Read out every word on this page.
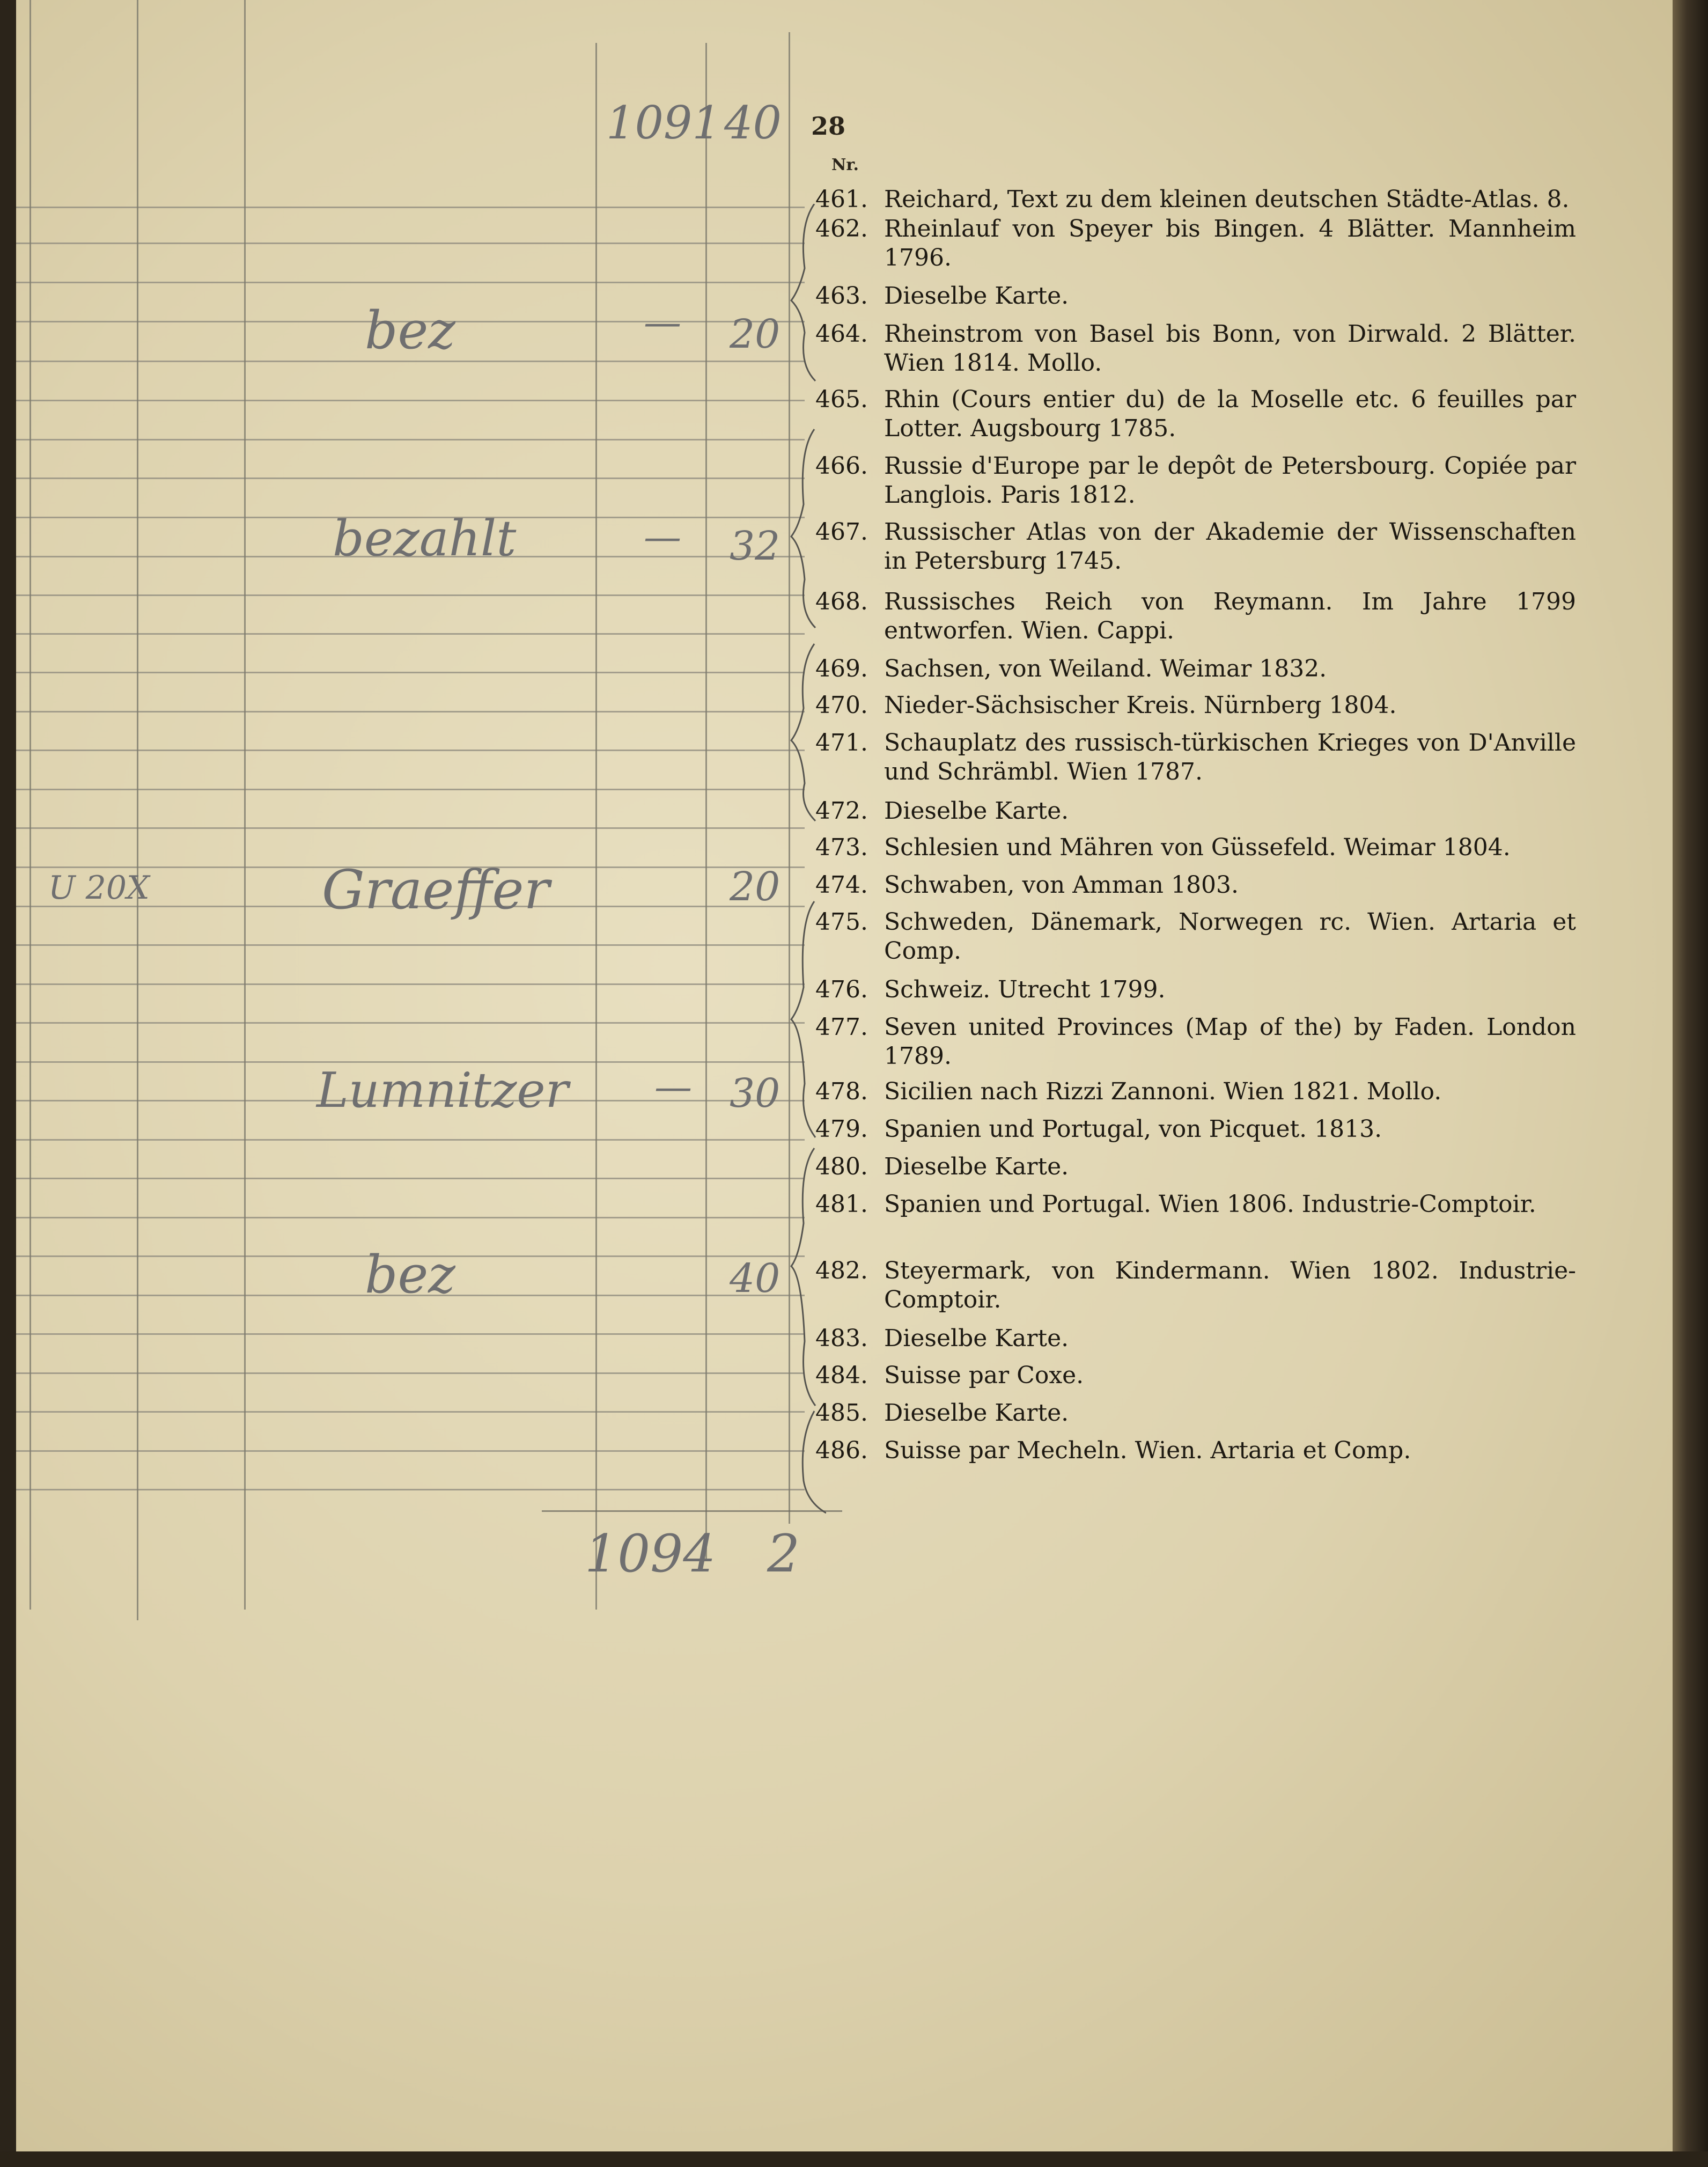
28
Nr.
461. Reichard, Text zu dem kleinen deutschen Städte-Atlas. 8.
462. Rheinlauf von Speyer bis Bingen. 4 Blätter. Mannheim 1796.
463. Dieselbe Karte.
464. Rheinstrom von Basel bis Bonn, von Dirwald. 2 Blätter. Wien 1814. Mollo.
465. Rhin (Cours entier du) de la Moselle etc. 6 feuilles par Lotter. Augsbourg 1785.
466. Russie d'Europe par le depôt de Petersbourg. Copiée par Langlois. Paris 1812.
467. Russischer Atlas von der Akademie der Wissenschaften in Petersburg 1745.
468. Russisches Reich von Reymann. Im Jahre 1799 entworfen. Wien. Cappi.
469. Sachsen, von Weiland. Weimar 1832.
470. Nieder-Sächsischer Kreis. Nürnberg 1804.
471. Schauplatz des russisch-türkischen Krieges von D'Anville und Schrämbl. Wien 1787.
472. Dieselbe Karte.
473. Schlesien und Mähren von Güssefeld. Weimar 1804.
474. Schwaben, von Amman 1803.
475. Schweden, Dänemark, Norwegen rc. Wien. Artaria et Comp.
476. Schweiz. Utrecht 1799.
477. Seven united Provinces (Map of the) by Faden. London 1789.
478. Sicilien nach Rizzi Zannoni. Wien 1821. Mollo.
479. Spanien und Portugal, von Picquet. 1813.
480. Dieselbe Karte.
481. Spanien und Portugal. Wien 1806. Industrie-Comptoir.
482. Steyermark, von Kindermann. Wien 1802. Industrie-Comptoir.
483. Dieselbe Karte.
484. Suisse par Coxe.
485. Dieselbe Karte.
486. Suisse par Mecheln. Wien. Artaria et Comp.
1091 40
bez	— 20
bezahlt	— 32
U 20X	Graeffer	20
Lumnitzer — 30
bez	40
1094 2
